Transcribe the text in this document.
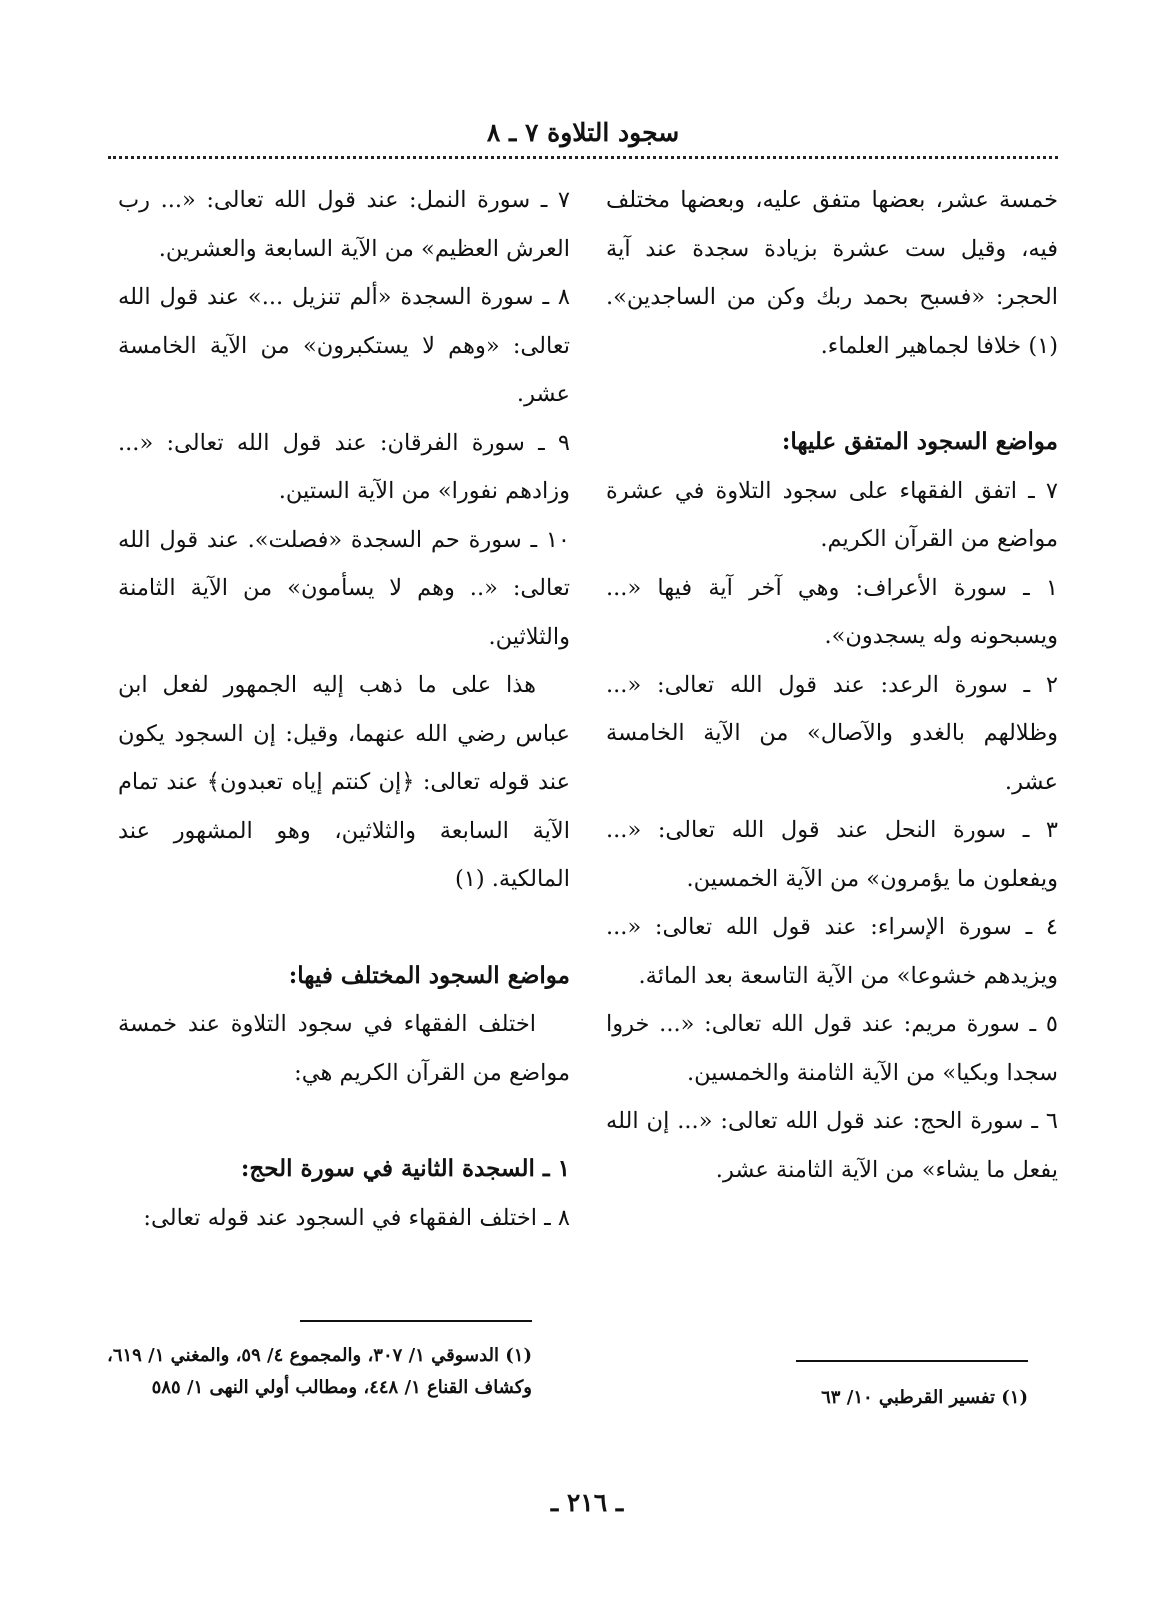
سجود التلاوة ٧ ـ ٨

خمسة عشر، بعضها متفق عليه، وبعضها مختلف فيه، وقيل ست عشرة بزيادة سجدة عند آية الحجر: «فسبح بحمد ربك وكن من الساجدين». (١) خلافا لجماهير العلماء.

مواضع السجود المتفق عليها:

٧ ـ اتفق الفقهاء على سجود التلاوة في عشرة مواضع من القرآن الكريم.

١ ـ سورة الأعراف: وهي آخر آية فيها «... ويسبحونه وله يسجدون».

٢ ـ سورة الرعد: عند قول الله تعالى: «... وظلالهم بالغدو والآصال» من الآية الخامسة عشر.

٣ ـ سورة النحل عند قول الله تعالى: «... ويفعلون ما يؤمرون» من الآية الخمسين.

٤ ـ سورة الإسراء: عند قول الله تعالى: «... ويزيدهم خشوعا» من الآية التاسعة بعد المائة.

٥ ـ سورة مريم: عند قول الله تعالى: «... خروا سجدا وبكيا» من الآية الثامنة والخمسين.

٦ ـ سورة الحج: عند قول الله تعالى: «... إن الله يفعل ما يشاء» من الآية الثامنة عشر.

٧ ـ سورة النمل: عند قول الله تعالى: «... رب العرش العظيم» من الآية السابعة والعشرين.

٨ ـ سورة السجدة «ألم تنزيل ...» عند قول الله تعالى: «وهم لا يستكبرون» من الآية الخامسة عشر.

٩ ـ سورة الفرقان: عند قول الله تعالى: «... وزادهم نفورا» من الآية الستين.

١٠ ـ سورة حم السجدة «فصلت». عند قول الله تعالى: «.. وهم لا يسأمون» من الآية الثامنة والثلاثين.

هذا على ما ذهب إليه الجمهور لفعل ابن عباس رضي الله عنهما، وقيل: إن السجود يكون عند قوله تعالى: ﴿إن كنتم إياه تعبدون﴾ عند تمام الآية السابعة والثلاثين، وهو المشهور عند المالكية. (١)

مواضع السجود المختلف فيها:

اختلف الفقهاء في سجود التلاوة عند خمسة مواضع من القرآن الكريم هي:

١ ـ السجدة الثانية في سورة الحج:

٨ ـ اختلف الفقهاء في السجود عند قوله تعالى:

(١) تفسير القرطبي ١٠/ ٦٣
(١) الدسوقي ١/ ٣٠٧، والمجموع ٤/ ٥٩، والمغني ١/ ٦١٩،
وكشاف القناع ١/ ٤٤٨، ومطالب أولي النهى ١/ ٥٨٥
ـ ٢١٦ ـ
